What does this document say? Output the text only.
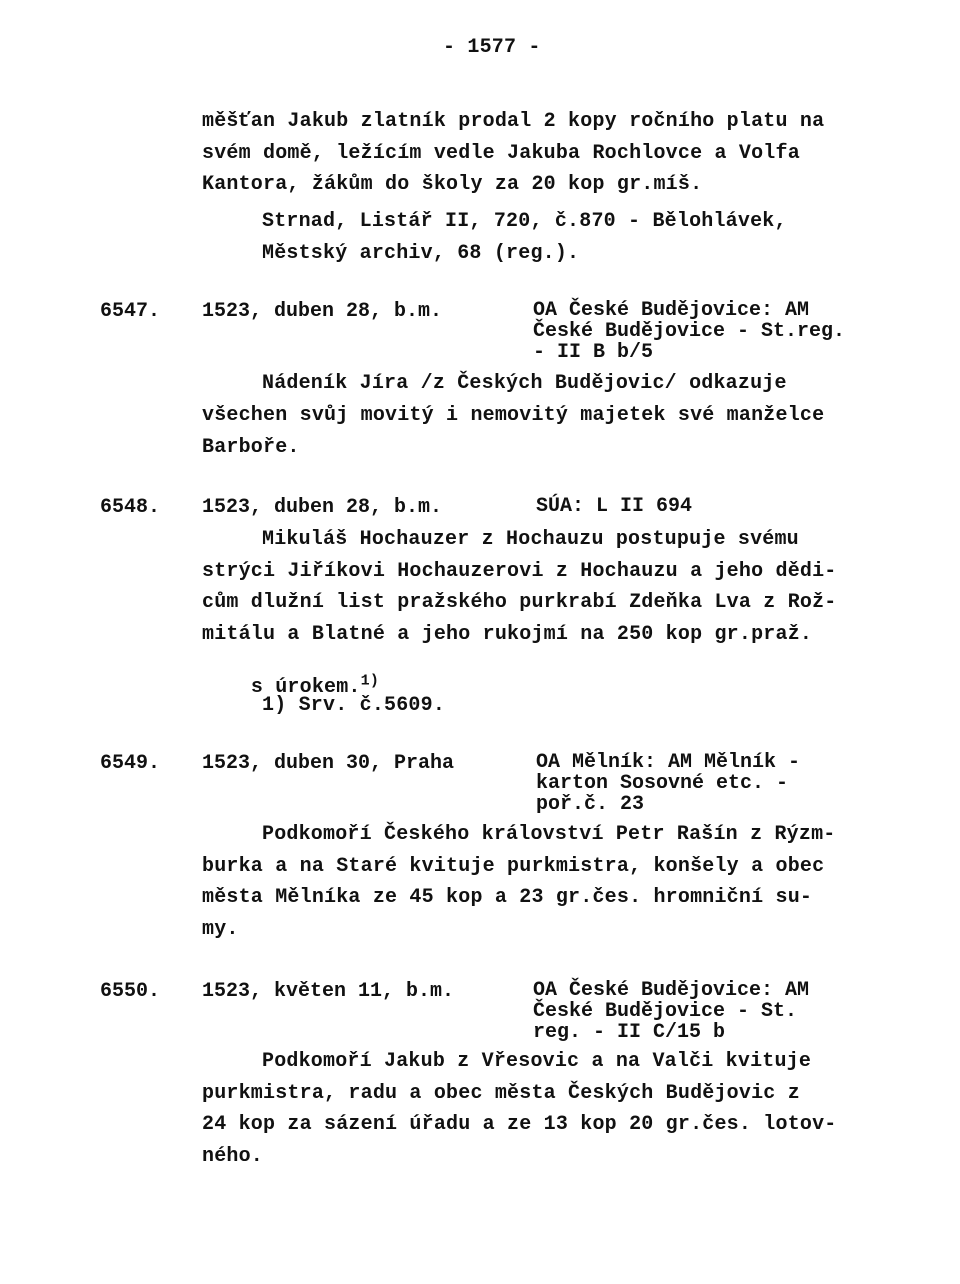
- 1577 -
měšťan Jakub zlatník prodal 2 kopy ročního platu na
svém domě, ležícím vedle Jakuba Rochlovce a Volfa
Kantora, žákům do školy za 20 kop gr.míš.
Strnad, Listář II, 720, č.870 - Bělohlávek,
Městský archiv, 68 (reg.).
6547. 1523, duben 28, b.m.	OA České Budějovice: AM
České Budějovice - St.reg.
- II B b/5
Nádeník Jíra /z Českých Budějovic/ odkazuje
všechen svůj movitý i nemovitý majetek své manželce
Barboře.
6548. 1523, duben 28, b.m.	SÚA: L II 694
Mikuláš Hochauzer z Hochauzu postupuje svému
strýci Jiříkovi Hochauzerovi z Hochauzu a jeho dědi-
cům dlužní list pražského purkrabí Zdeňka Lva z Rož-
mitálu a Blatné a jeho rukojmí na 250 kop gr.praž.

s úrokem.$^{1)}$

1) Srv. č.5609.
6549. 1523, duben 30, Praha	OA Mělník: AM Mělník -
karton Sosovné etc. -
poř.č. 23
Podkomoří Českého království Petr Rašín z Rýzm-
burka a na Staré kvituje purkmistra, konšely a obec
města Mělníka ze 45 kop a 23 gr.čes. hromniční su-
my.
6550. 1523, květen 11, b.m.	OA České Budějovice: AM
České Budějovice - St.
reg. - II C/15 b
Podkomoří Jakub z Vřesovic a na Valči kvituje
purkmistra, radu a obec města Českých Budějovic z
24 kop za sázení úřadu a ze 13 kop 20 gr.čes. lotov-
ného.
